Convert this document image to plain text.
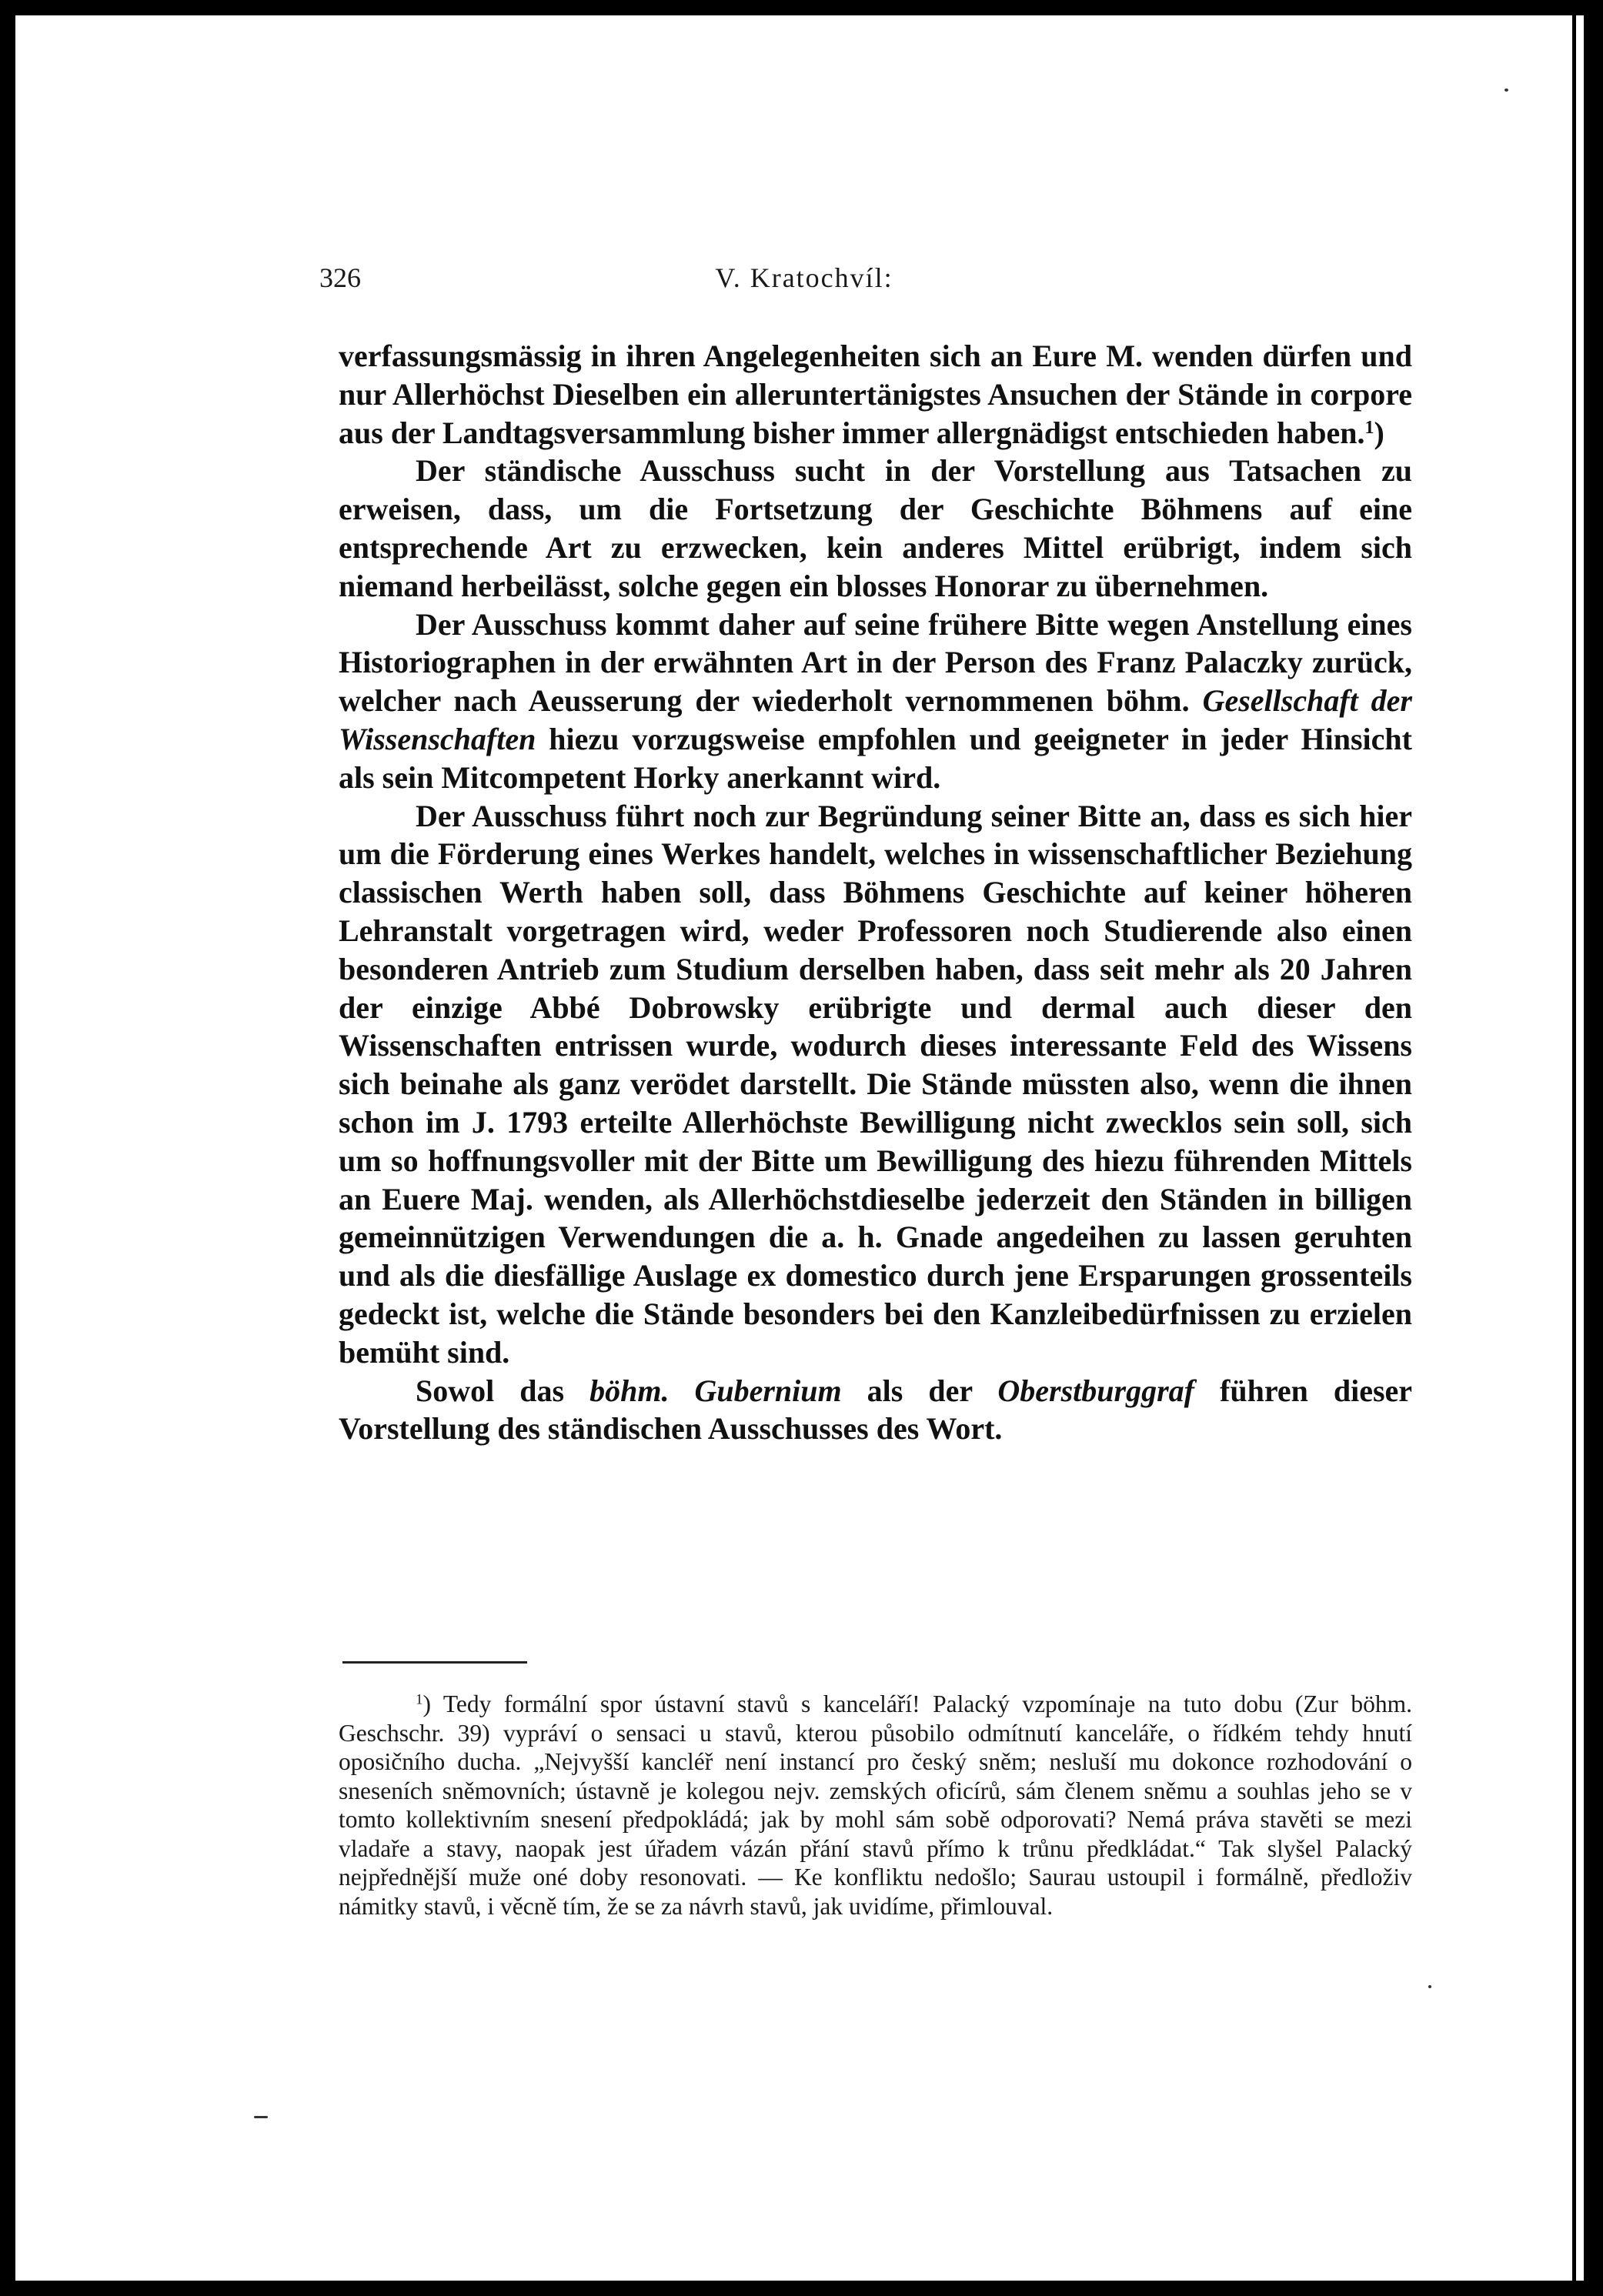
326	V. Kratochvíl:

verfassungsmässig in ihren Angelegenheiten sich an Eure M. wenden dürfen und nur Allerhöchst Dieselben ein alleruntertänigstes Ansuchen der Stände in corpore aus der Landtagsversammlung bisher immer allergnädigst entschieden haben.$^1$)

Der ständische Ausschuss sucht in der Vorstellung aus Tatsachen zu erweisen, dass, um die Fortsetzung der Geschichte Böhmens auf eine entsprechende Art zu erzwecken, kein anderes Mittel erübrigt, indem sich niemand herbeilässt, solche gegen ein blosses Honorar zu übernehmen.

Der Ausschuss kommt daher auf seine frühere Bitte wegen Anstellung eines Historiographen in der erwähnten Art in der Person des Franz Palaczky zurück, welcher nach Aeusserung der wiederholt vernommenen böhm. Gesellschaft der Wissenschaften hiezu vorzugsweise empfohlen und geeigneter in jeder Hinsicht als sein Mitcompetent Horky anerkannt wird.

Der Ausschuss führt noch zur Begründung seiner Bitte an, dass es sich hier um die Förderung eines Werkes handelt, welches in wissenschaftlicher Beziehung classischen Werth haben soll, dass Böhmens Geschichte auf keiner höheren Lehranstalt vorgetragen wird, weder Professoren noch Studierende also einen besonderen Antrieb zum Studium derselben haben, dass seit mehr als 20 Jahren der einzige Abbé Dobrowsky erübrigte und dermal auch dieser den Wissenschaften entrissen wurde, wodurch dieses interessante Feld des Wissens sich beinahe als ganz verödet darstellt. Die Stände müssten also, wenn die ihnen schon im J. 1793 erteilte Allerhöchste Bewilligung nicht zwecklos sein soll, sich um so hoffnungsvoller mit der Bitte um Bewilligung des hiezu führenden Mittels an Euere Maj. wenden, als Allerhöchstdieselbe jederzeit den Ständen in billigen gemeinnützigen Verwendungen die a. h. Gnade angedeihen zu lassen geruhten und als die diesfällige Auslage ex domestico durch jene Ersparungen grossenteils gedeckt ist, welche die Stände besonders bei den Kanzleibedürfnissen zu erzielen bemüht sind.

Sowol das böhm. Gubernium als der Oberstburggraf führen dieser Vorstellung des ständischen Ausschusses des Wort.

$^1$) Tedy formální spor ústavní stavů s kanceláří! Palacký vzpomínaje na tuto dobu (Zur böhm. Geschschr. 39) vypráví o sensaci u stavů, kterou působilo odmítnutí kanceláře, o řídkém tehdy hnutí oposičního ducha. „Nejvyšší kancléř není instancí pro český sněm; nesluší mu dokonce rozhodování o sneseních sněmovních; ústavně je kolegou nejv. zemských oficírů, sám členem sněmu a souhlas jeho se v tomto kollektivním snesení předpokládá; jak by mohl sám sobě odporovati? Nemá práva stavěti se mezi vladaře a stavy, naopak jest úřadem vázán přání stavů přímo k trůnu předkládat.“ Tak slyšel Palacký nejpřednější muže oné doby resonovati. — Ke konfliktu nedošlo; Saurau ustoupil i formálně, předloživ námitky stavů, i věcně tím, že se za návrh stavů, jak uvidíme, přimlouval.
